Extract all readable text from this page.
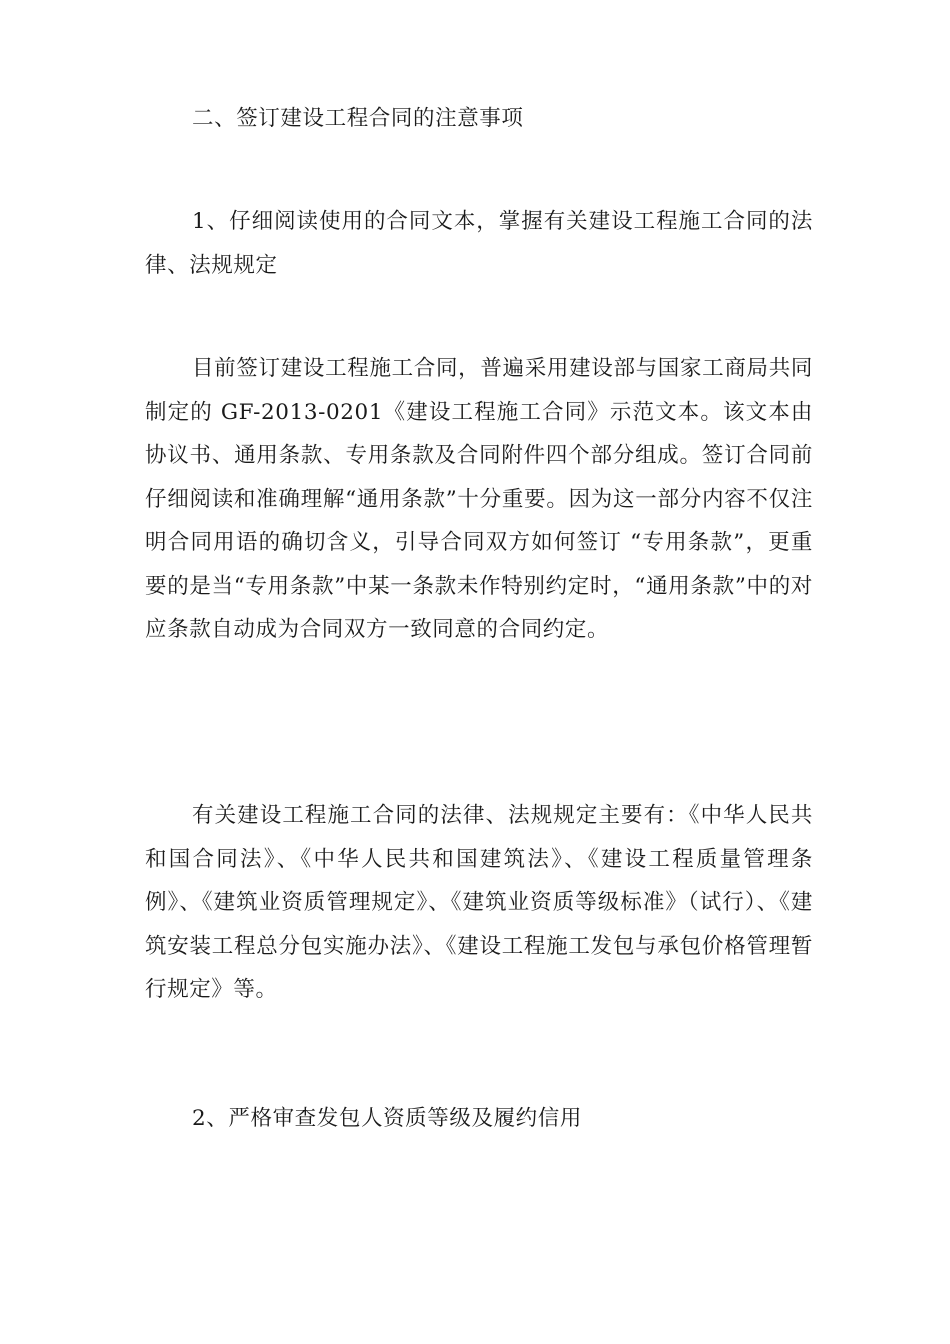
二、签订建设工程合同的注意事项

1、仔细阅读使用的合同文本，掌握有关建设工程施工合同的法律、法规规定

目前签订建设工程施工合同，普遍采用建设部与国家工商局共同制定的 GF-2013-0201《建设工程施工合同》示范文本。该文本由协议书、通用条款、专用条款及合同附件四个部分组成。签订合同前仔细阅读和准确理解“通用条款”十分重要。因为这一部分内容不仅注明合同用语的确切含义，引导合同双方如何签订 “专用条款”，更重要的是当“专用条款”中某一条款未作特别约定时，“通用条款”中的对应条款自动成为合同双方一致同意的合同约定。

有关建设工程施工合同的法律、法规规定主要有：《中华人民共和国合同法》、《中华人民共和国建筑法》、《建设工程质量管理条例》、《建筑业资质管理规定》、《建筑业资质等级标准》（试行）、《建筑安装工程总分包实施办法》、《建设工程施工发包与承包价格管理暂行规定》等。

2、严格审查发包人资质等级及履约信用
